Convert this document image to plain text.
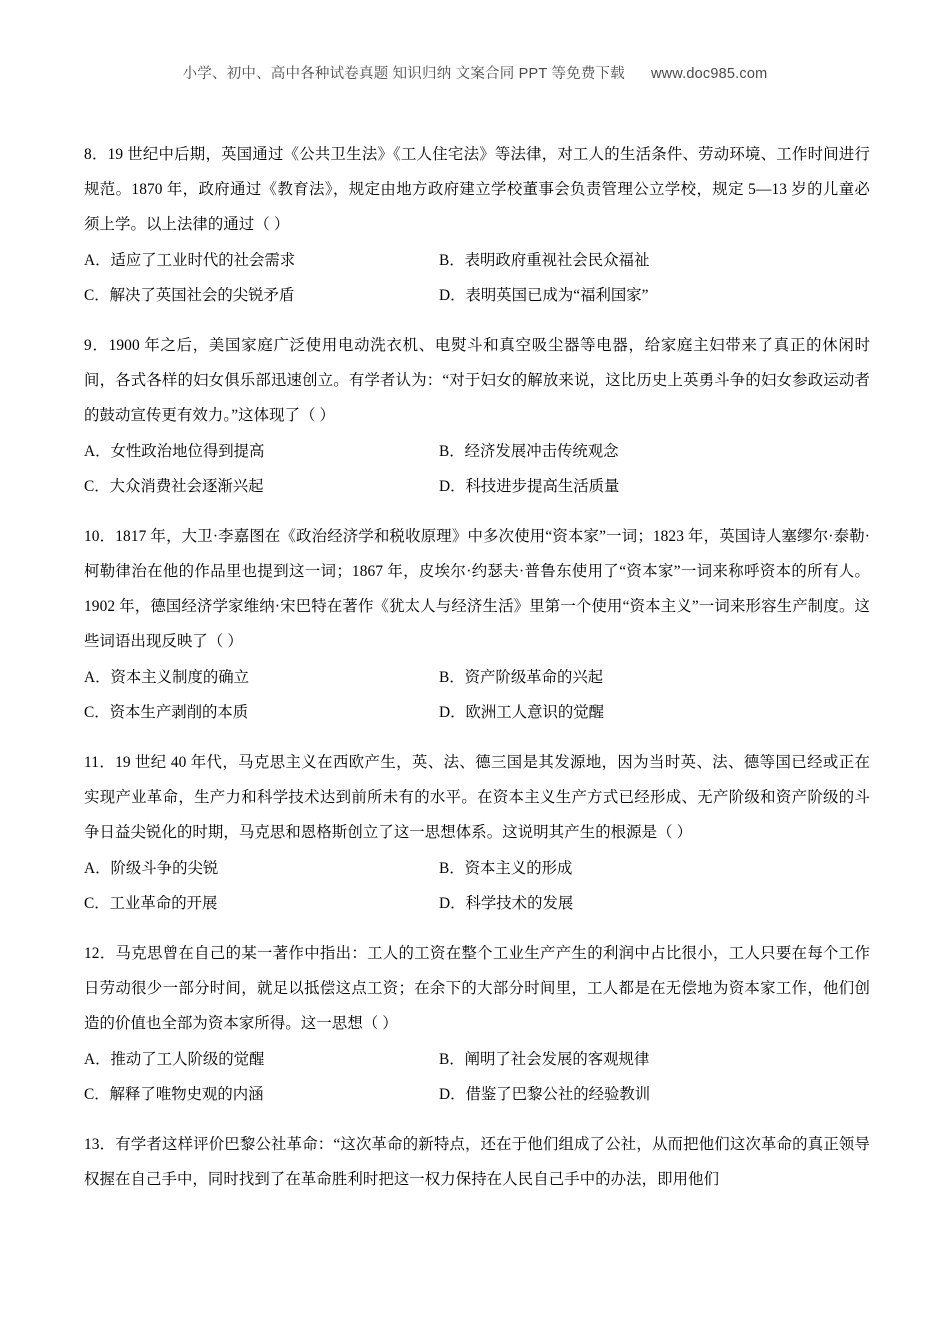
小学、初中、高中各种试卷真题 知识归纳 文案合同 PPT 等免费下载 www.doc985.com
8．19 世纪中后期，英国通过《公共卫生法》《工人住宅法》等法律，对工人的生活条件、劳动环境、工作时间进行规范。1870 年，政府通过《教育法》，规定由地方政府建立学校董事会负责管理公立学校，规定 5—13 岁的儿童必须上学。以上法律的通过（ ）
A．适应了工业时代的社会需求	B．表明政府重视社会民众福祉
C．解决了英国社会的尖锐矛盾	D．表明英国已成为“福利国家”
9．1900 年之后，美国家庭广泛使用电动洗衣机、电熨斗和真空吸尘器等电器，给家庭主妇带来了真正的休闲时间，各式各样的妇女俱乐部迅速创立。有学者认为：“对于妇女的解放来说，这比历史上英勇斗争的妇女参政运动者的鼓动宣传更有效力。”这体现了（ ）
A．女性政治地位得到提高	B．经济发展冲击传统观念
C．大众消费社会逐渐兴起	D．科技进步提高生活质量
10．1817 年，大卫·李嘉图在《政治经济学和税收原理》中多次使用“资本家”一词；1823 年，英国诗人塞缪尔·泰勒·柯勒律治在他的作品里也提到这一词；1867 年，皮埃尔·约瑟夫·普鲁东使用了“资本家”一词来称呼资本的所有人。1902 年，德国经济学家维纳·宋巴特在著作《犹太人与经济生活》里第一个使用“资本主义”一词来形容生产制度。这些词语出现反映了（ ）
A．资本主义制度的确立	B．资产阶级革命的兴起
C．资本生产剥削的本质	D．欧洲工人意识的觉醒
11．19 世纪 40 年代，马克思主义在西欧产生，英、法、德三国是其发源地，因为当时英、法、德等国已经或正在实现产业革命，生产力和科学技术达到前所未有的水平。在资本主义生产方式已经形成、无产阶级和资产阶级的斗争日益尖锐化的时期，马克思和恩格斯创立了这一思想体系。这说明其产生的根源是（ ）
A．阶级斗争的尖锐	B．资本主义的形成
C．工业革命的开展	D．科学技术的发展
12．马克思曾在自己的某一著作中指出：工人的工资在整个工业生产产生的利润中占比很小，工人只要在每个工作日劳动很少一部分时间，就足以抵偿这点工资；在余下的大部分时间里，工人都是在无偿地为资本家工作，他们创造的价值也全部为资本家所得。这一思想（ ）
A．推动了工人阶级的觉醒	B．阐明了社会发展的客观规律
C．解释了唯物史观的内涵	D．借鉴了巴黎公社的经验教训
13．有学者这样评价巴黎公社革命：“这次革命的新特点，还在于他们组成了公社，从而把他们这次革命的真正领导权握在自己手中，同时找到了在革命胜利时把这一权力保持在人民自己手中的办法，即用他们
